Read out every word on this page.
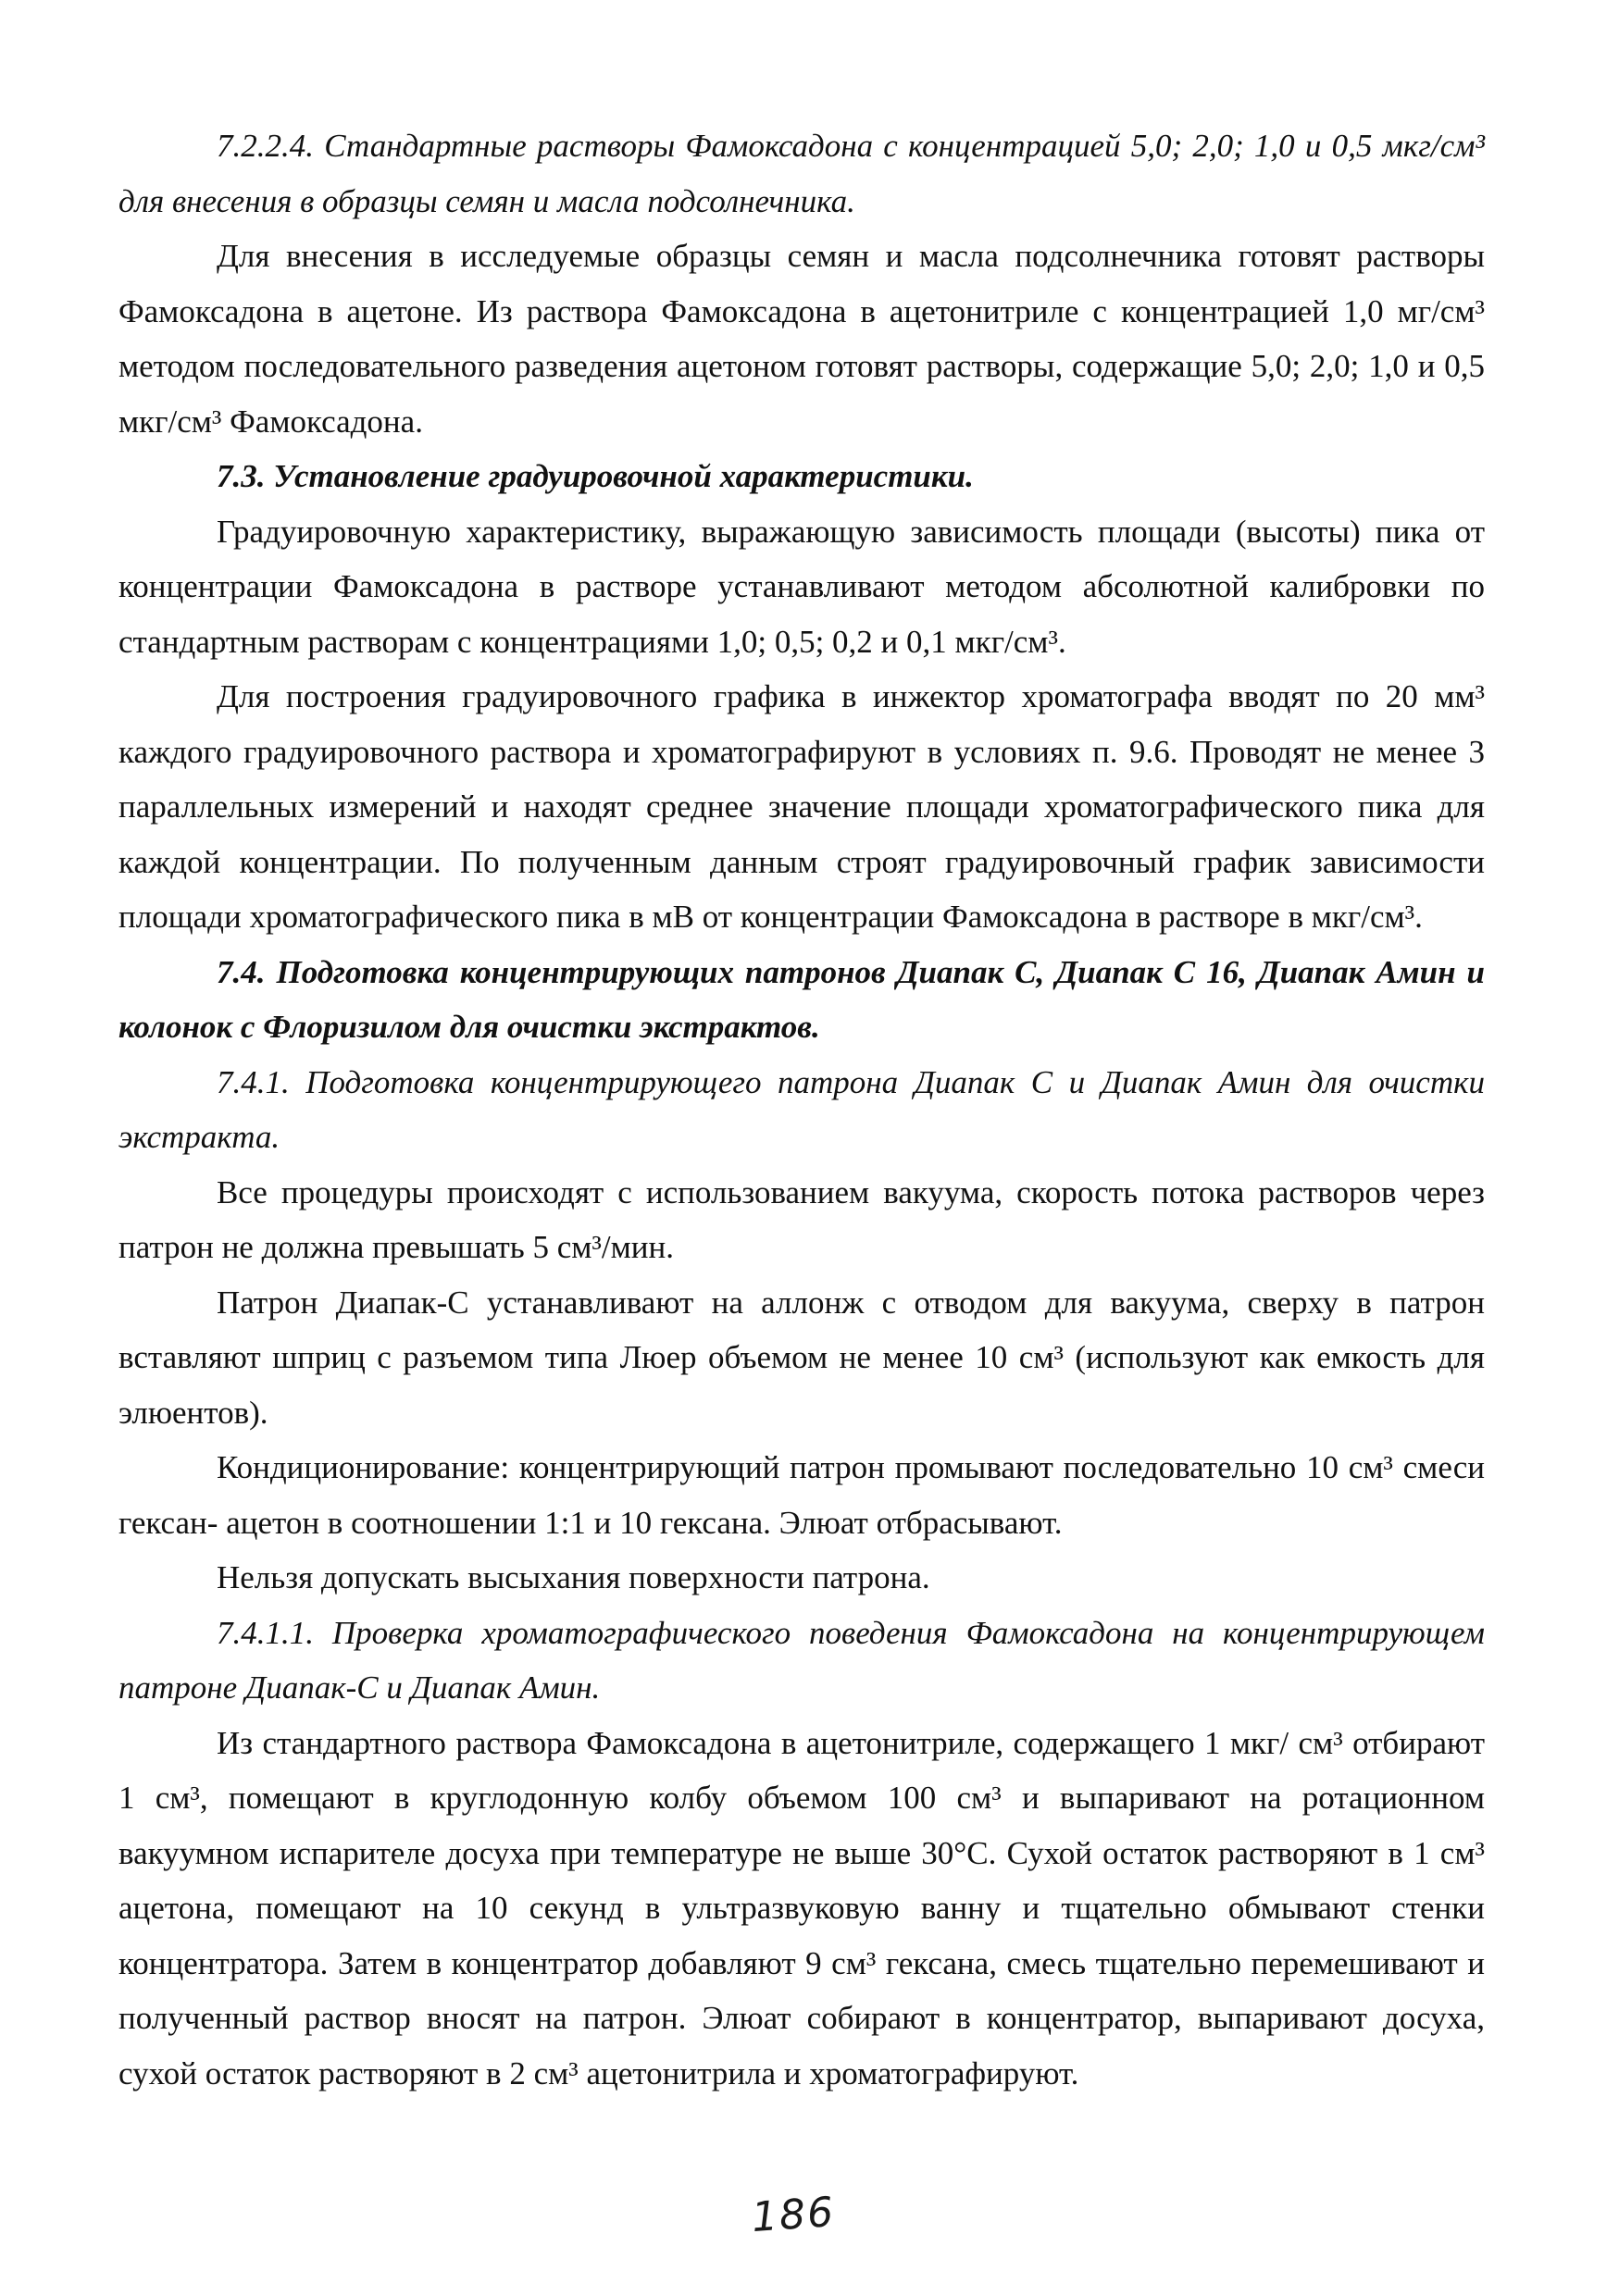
7.2.2.4. Стандартные растворы Фамоксадона с концентрацией 5,0; 2,0; 1,0 и 0,5 мкг/см³ для внесения в образцы семян и масла подсолнечника.

Для внесения в исследуемые образцы семян и масла подсолнечника готовят растворы Фамоксадона в ацетоне. Из раствора Фамоксадона в ацетонитриле с концентрацией 1,0 мг/см³ методом последовательного разведения ацетоном готовят растворы, содержащие 5,0; 2,0; 1,0 и 0,5 мкг/см³ Фамоксадона.

7.3. Установление градуировочной характеристики.

Градуировочную характеристику, выражающую зависимость площади (высоты) пика от концентрации Фамоксадона в растворе устанавливают методом абсолютной калибровки по стандартным растворам с концентрациями 1,0; 0,5; 0,2 и 0,1 мкг/см³.

Для построения градуировочного графика в инжектор хроматографа вводят по 20 мм³ каждого градуировочного раствора и хроматографируют в условиях п. 9.6. Проводят не менее 3 параллельных измерений и находят среднее значение площади хроматографического пика для каждой концентрации. По полученным данным строят градуировочный график зависимости площади хроматографического пика в мВ от концентрации Фамоксадона в растворе в мкг/см³.

7.4. Подготовка концентрирующих патронов Диапак С, Диапак С 16, Диапак Амин и колонок с Флоризилом для очистки экстрактов.

7.4.1. Подготовка концентрирующего патрона Диапак С и Диапак Амин для очистки экстракта.

Все процедуры происходят с использованием вакуума, скорость потока растворов через патрон не должна превышать 5 см³/мин.

Патрон Диапак-С устанавливают на аллонж с отводом для вакуума, сверху в патрон вставляют шприц с разъемом типа Люер объемом не менее 10 см³ (используют как емкость для элюентов).

Кондиционирование: концентрирующий патрон промывают последовательно 10 см³ смеси гексан- ацетон в соотношении 1:1 и 10 гексана. Элюат отбрасывают.

Нельзя допускать высыхания поверхности патрона.

7.4.1.1. Проверка хроматографического поведения Фамоксадона на концентрирующем патроне Диапак-С и Диапак Амин.

Из стандартного раствора Фамоксадона в ацетонитриле, содержащего 1 мкг/ см³ отбирают 1 см³, помещают в круглодонную колбу объемом 100 см³ и выпаривают на ротационном вакуумном испарителе досуха при температуре не выше 30°С. Сухой остаток растворяют в 1 см³ ацетона, помещают на 10 секунд в ультразвуковую ванну и тщательно обмывают стенки концентратора. Затем в концентратор добавляют 9 см³ гексана, смесь тщательно перемешивают и полученный раствор вносят на патрон. Элюат собирают в концентратор, выпаривают досуха, сухой остаток растворяют в 2 см³ ацетонитрила и хроматографируют.

186
